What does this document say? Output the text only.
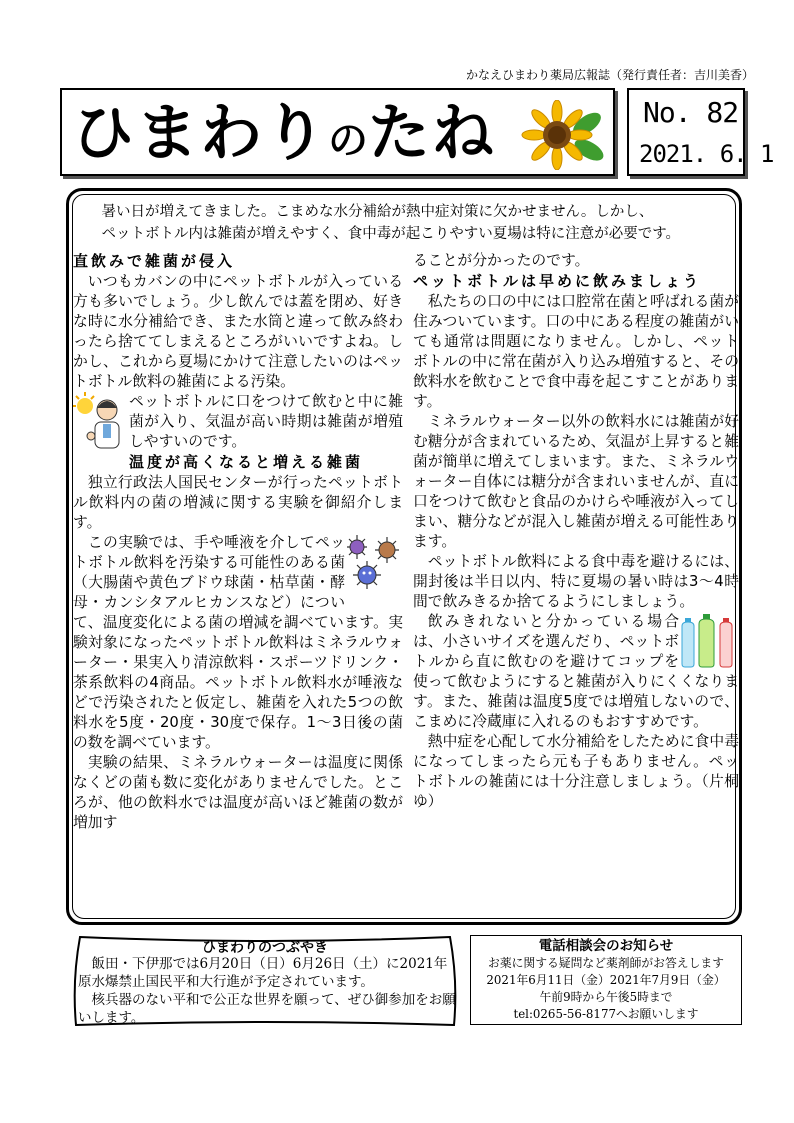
かなえひまわり薬局広報誌（発行責任者：吉川美香）
ひまわりのたね	No. 82
2021. 6. 1

暑い日が増えてきました。こまめな水分補給が熱中症対策に欠かせません。しかし、

ペットボトル内は雑菌が増えやすく、食中毒が起こりやすい夏場は特に注意が必要です。

直飲みで雑菌が侵入

いつもカバンの中にペットボトルが入っている方も多いでしょう。少し飲んでは蓋を閉め、好きな時に水分補給でき、また水筒と違って飲み終わったら捨ててしまえるところがいいですよね。しかし、これから夏場にかけて注意したいのはペットボトル飲料の雑菌による汚染。

ペットボトルに口をつけて飲むと中に雑菌が入り、気温が高い時期は雑菌が増殖しやすいのです。

温度が高くなると増える雑菌

独立行政法人国民センターが行ったペットボトル飲料内の菌の増減に関する実験を御紹介します。

この実験では、手や唾液を介してペットボトル飲料を汚染する可能性のある菌（大腸菌や黄色ブドウ球菌・枯草菌・酵母・カンシタアルヒカンスなど）について、温度変化による菌の増減を調べています。実験対象になったペットボトル飲料はミネラルウォーター・果実入り清涼飲料・スポーツドリンク・茶系飲料の4商品。ペットボトル飲料水が唾液などで汚染されたと仮定し、雑菌を入れた5つの飲料水を5度・20度・30度で保存。1～3日後の菌の数を調べています。

実験の結果、ミネラルウォーターは温度に関係なくどの菌も数に変化がありませんでした。ところが、他の飲料水では温度が高いほど雑菌の数が増加す

ることが分かったのです。

ペットボトルは早めに飲みましょう

私たちの口の中には口腔常在菌と呼ばれる菌が住みついています。口の中にある程度の雑菌がいても通常は問題になりません。しかし、ペットボトルの中に常在菌が入り込み増殖すると、その飲料水を飲むことで食中毒を起こすことがあります。

ミネラルウォーター以外の飲料水には雑菌が好む糖分が含まれているため、気温が上昇すると雑菌が簡単に増えてしまいます。また、ミネラルウォーター自体には糖分が含まれいませんが、直に口をつけて飲むと食品のかけらや唾液が入ってしまい、糖分などが混入し雑菌が増える可能性あります。

ペットボトル飲料による食中毒を避けるには、開封後は半日以内、特に夏場の暑い時は3～4時間で飲みきるか捨てるようにしましょう。

飲みきれないと分かっている場合は、小さいサイズを選んだり、ペットボトルから直に飲むのを避けてコップを使って飲むようにすると雑菌が入りにくくなります。また、雑菌は温度5度では増殖しないので、こまめに冷蔵庫に入れるのもおすすめです。

熱中症を心配して水分補給をしたために食中毒になってしまったら元も子もありません。ペットボトルの雑菌には十分注意しましょう。（片桐ゆ）

ひまわりのつぶやき

飯田・下伊那では6月20日（日）6月26日（土）に2021年原水爆禁止国民平和大行進が予定されています。

核兵器のない平和で公正な世界を願って、ぜひ御参加をお願いします。

電話相談会のお知らせ
お薬に関する疑問など薬剤師がお答えします
2021年6月11日（金）2021年7月9日（金）
午前9時から午後5時まで
tel:0265-56-8177へお願いします
